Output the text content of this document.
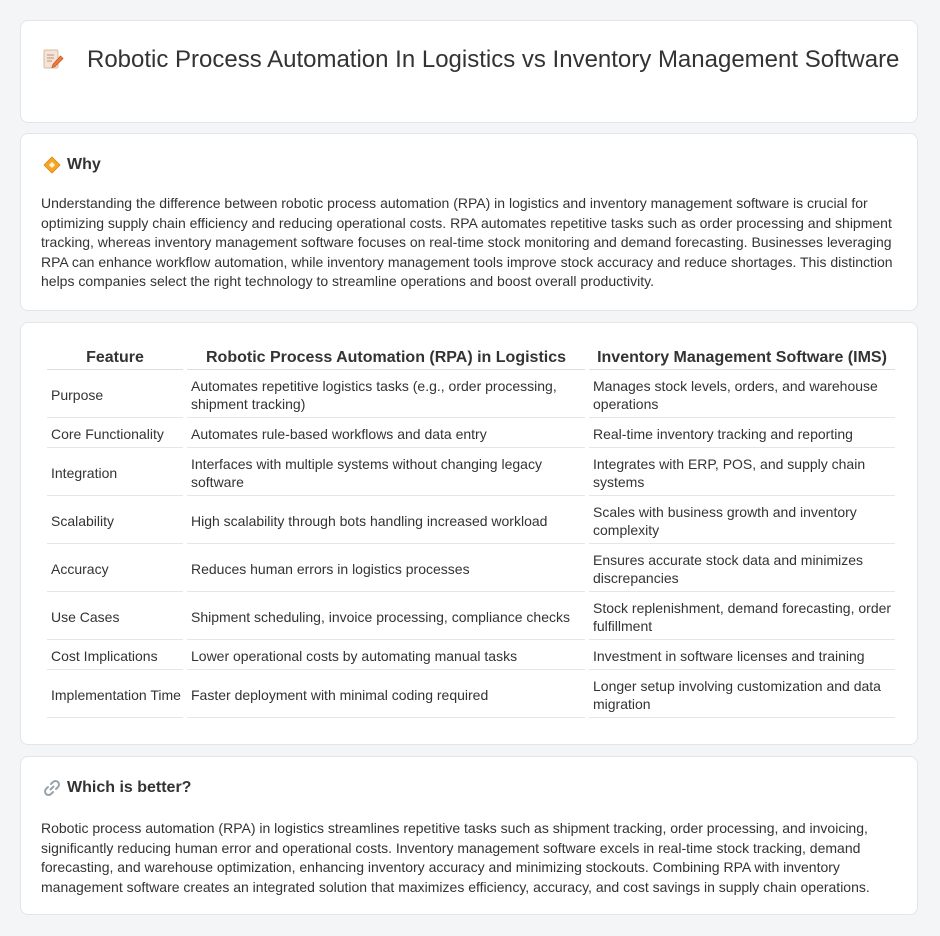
Robotic Process Automation In Logistics vs Inventory Management Software
Why

Understanding the difference between robotic process automation (RPA) in logistics and inventory management software is crucial for optimizing supply chain efficiency and reducing operational costs. RPA automates repetitive tasks such as order processing and shipment tracking, whereas inventory management software focuses on real-time stock monitoring and demand forecasting. Businesses leveraging RPA can enhance workflow automation, while inventory management tools improve stock accuracy and reduce shortages. This distinction helps companies select the right technology to streamline operations and boost overall productivity.

Feature	Robotic Process Automation (RPA) in Logistics	Inventory Management Software (IMS)
Purpose	Automates repetitive logistics tasks (e.g., order processing, shipment tracking)	Manages stock levels, orders, and warehouse operations
Core Functionality	Automates rule-based workflows and data entry	Real-time inventory tracking and reporting
Integration	Interfaces with multiple systems without changing legacy software	Integrates with ERP, POS, and supply chain systems
Scalability	High scalability through bots handling increased workload	Scales with business growth and inventory complexity
Accuracy	Reduces human errors in logistics processes	Ensures accurate stock data and minimizes discrepancies
Use Cases	Shipment scheduling, invoice processing, compliance checks	Stock replenishment, demand forecasting, order fulfillment
Cost Implications	Lower operational costs by automating manual tasks	Investment in software licenses and training
Implementation Time	Faster deployment with minimal coding required	Longer setup involving customization and data migration
Which is better?

Robotic process automation (RPA) in logistics streamlines repetitive tasks such as shipment tracking, order processing, and invoicing, significantly reducing human error and operational costs. Inventory management software excels in real-time stock tracking, demand forecasting, and warehouse optimization, enhancing inventory accuracy and minimizing stockouts. Combining RPA with inventory management software creates an integrated solution that maximizes efficiency, accuracy, and cost savings in supply chain operations.
